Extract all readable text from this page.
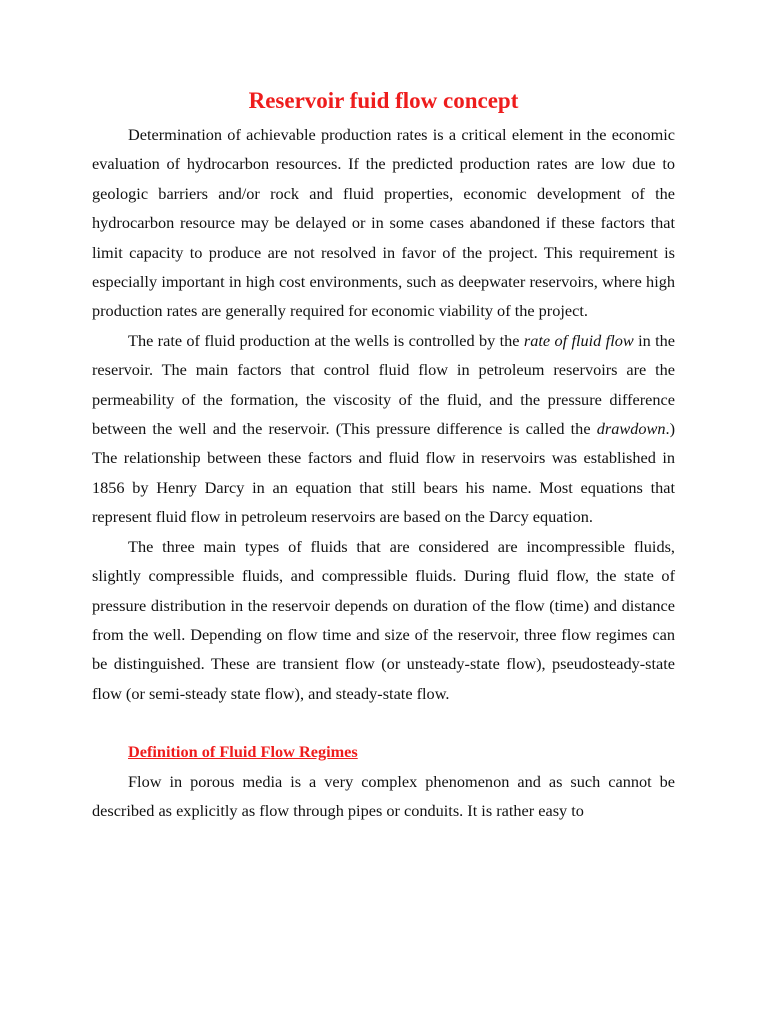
Reservoir fuid flow concept

Determination of achievable production rates is a critical element in the economic evaluation of hydrocarbon resources. If the predicted production rates are low due to geologic barriers and/or rock and fluid properties, economic development of the hydrocarbon resource may be delayed or in some cases abandoned if these factors that limit capacity to produce are not resolved in favor of the project. This requirement is especially important in high cost environments, such as deepwater reservoirs, where high production rates are generally required for economic viability of the project.

The rate of fluid production at the wells is controlled by the rate of fluid flow in the reservoir. The main factors that control fluid flow in petroleum reservoirs are the permeability of the formation, the viscosity of the fluid, and the pressure difference between the well and the reservoir. (This pressure difference is called the drawdown.) The relationship between these factors and fluid flow in reservoirs was established in 1856 by Henry Darcy in an equation that still bears his name. Most equations that represent fluid flow in petroleum reservoirs are based on the Darcy equation.

The three main types of fluids that are considered are incompressible fluids, slightly compressible fluids, and compressible fluids. During fluid flow, the state of pressure distribution in the reservoir depends on duration of the flow (time) and distance from the well. Depending on flow time and size of the reservoir, three flow regimes can be distinguished. These are transient flow (or unsteady-state flow), pseudosteady-state flow (or semi-steady state flow), and steady-state flow.

Definition of Fluid Flow Regimes

Flow in porous media is a very complex phenomenon and as such cannot be described as explicitly as flow through pipes or conduits. It is rather easy to
